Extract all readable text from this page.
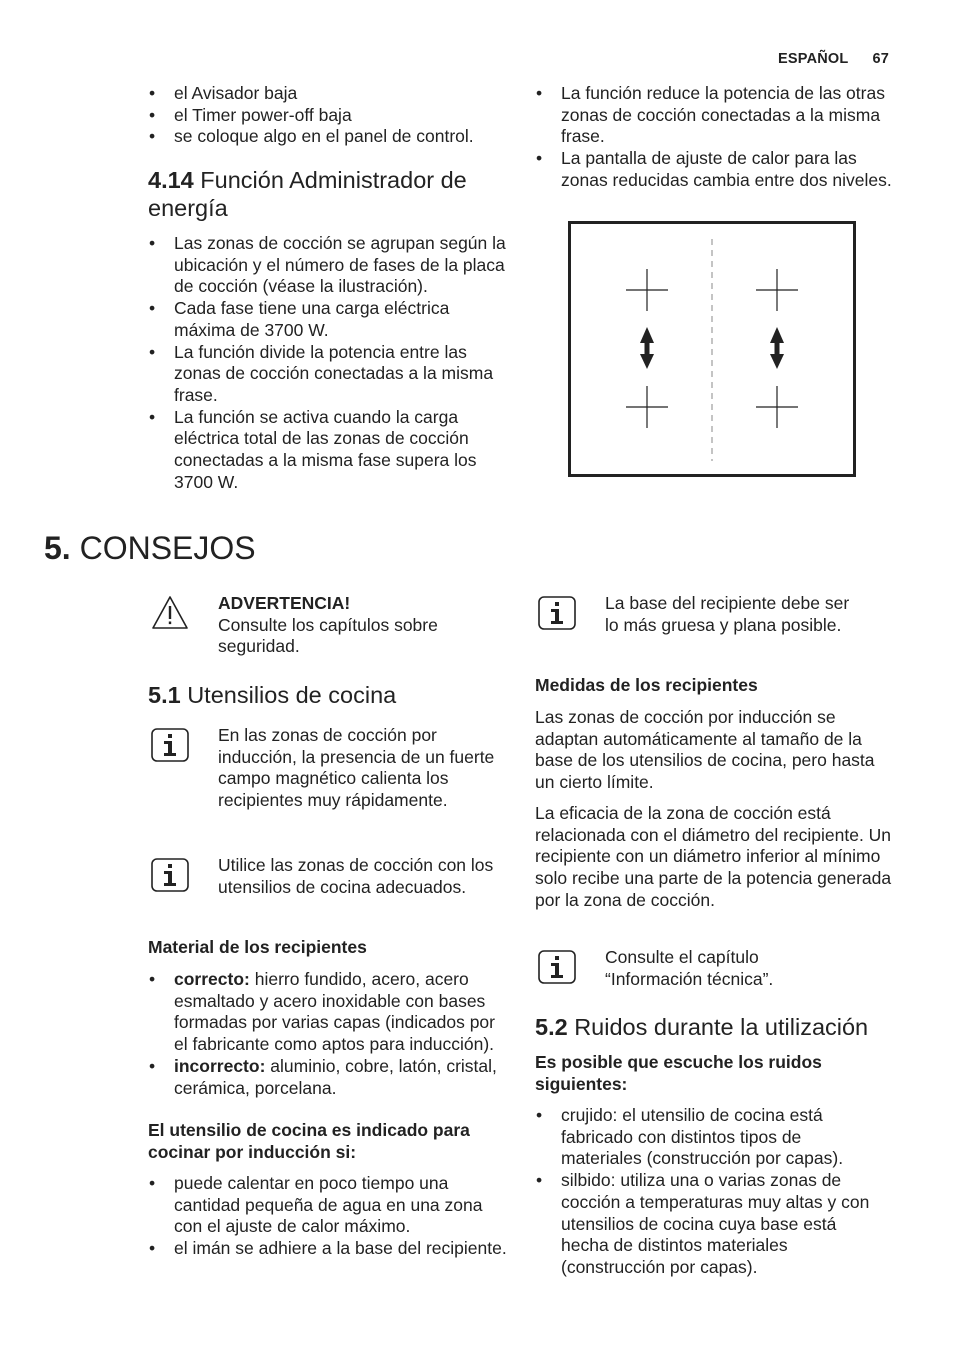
ESPAÑOL 67
• el Avisador baja
• el Timer power-off baja
• se coloque algo en el panel de control.
4.14 Función Administrador de energía
• Las zonas de cocción se agrupan según la ubicación y el número de fases de la placa de cocción (véase la ilustración).
• Cada fase tiene una carga eléctrica máxima de 3700 W.
• La función divide la potencia entre las zonas de cocción conectadas a la misma frase.
• La función se activa cuando la carga eléctrica total de las zonas de cocción conectadas a la misma fase supera los 3700 W.
• La función reduce la potencia de las otras zonas de cocción conectadas a la misma frase.
• La pantalla de ajuste de calor para las zonas reducidas cambia entre dos niveles.
5. CONSEJOS
ADVERTENCIA!
Consulte los capítulos sobre seguridad.
5.1 Utensilios de cocina
En las zonas de cocción por inducción, la presencia de un fuerte campo magnético calienta los recipientes muy rápidamente.
Utilice las zonas de cocción con los utensilios de cocina adecuados.
Material de los recipientes
• correcto: hierro fundido, acero, acero esmaltado y acero inoxidable con bases formadas por varias capas (indicados por el fabricante como aptos para inducción).
• incorrecto: aluminio, cobre, latón, cristal, cerámica, porcelana.
El utensilio de cocina es indicado para cocinar por inducción si:
• puede calentar en poco tiempo una cantidad pequeña de agua en una zona con el ajuste de calor máximo.
• el imán se adhiere a la base del recipiente.
La base del recipiente debe ser lo más gruesa y plana posible.
Medidas de los recipientes

Las zonas de cocción por inducción se adaptan automáticamente al tamaño de la base de los utensilios de cocina, pero hasta un cierto límite.

La eficacia de la zona de cocción está relacionada con el diámetro del recipiente. Un recipiente con un diámetro inferior al mínimo solo recibe una parte de la potencia generada por la zona de cocción.

Consulte el capítulo “Información técnica”.
5.2 Ruidos durante la utilización
Es posible que escuche los ruidos siguientes:
• crujido: el utensilio de cocina está fabricado con distintos tipos de materiales (construcción por capas).
• silbido: utiliza una o varias zonas de cocción a temperaturas muy altas y con utensilios de cocina cuya base está hecha de distintos materiales (construcción por capas).
